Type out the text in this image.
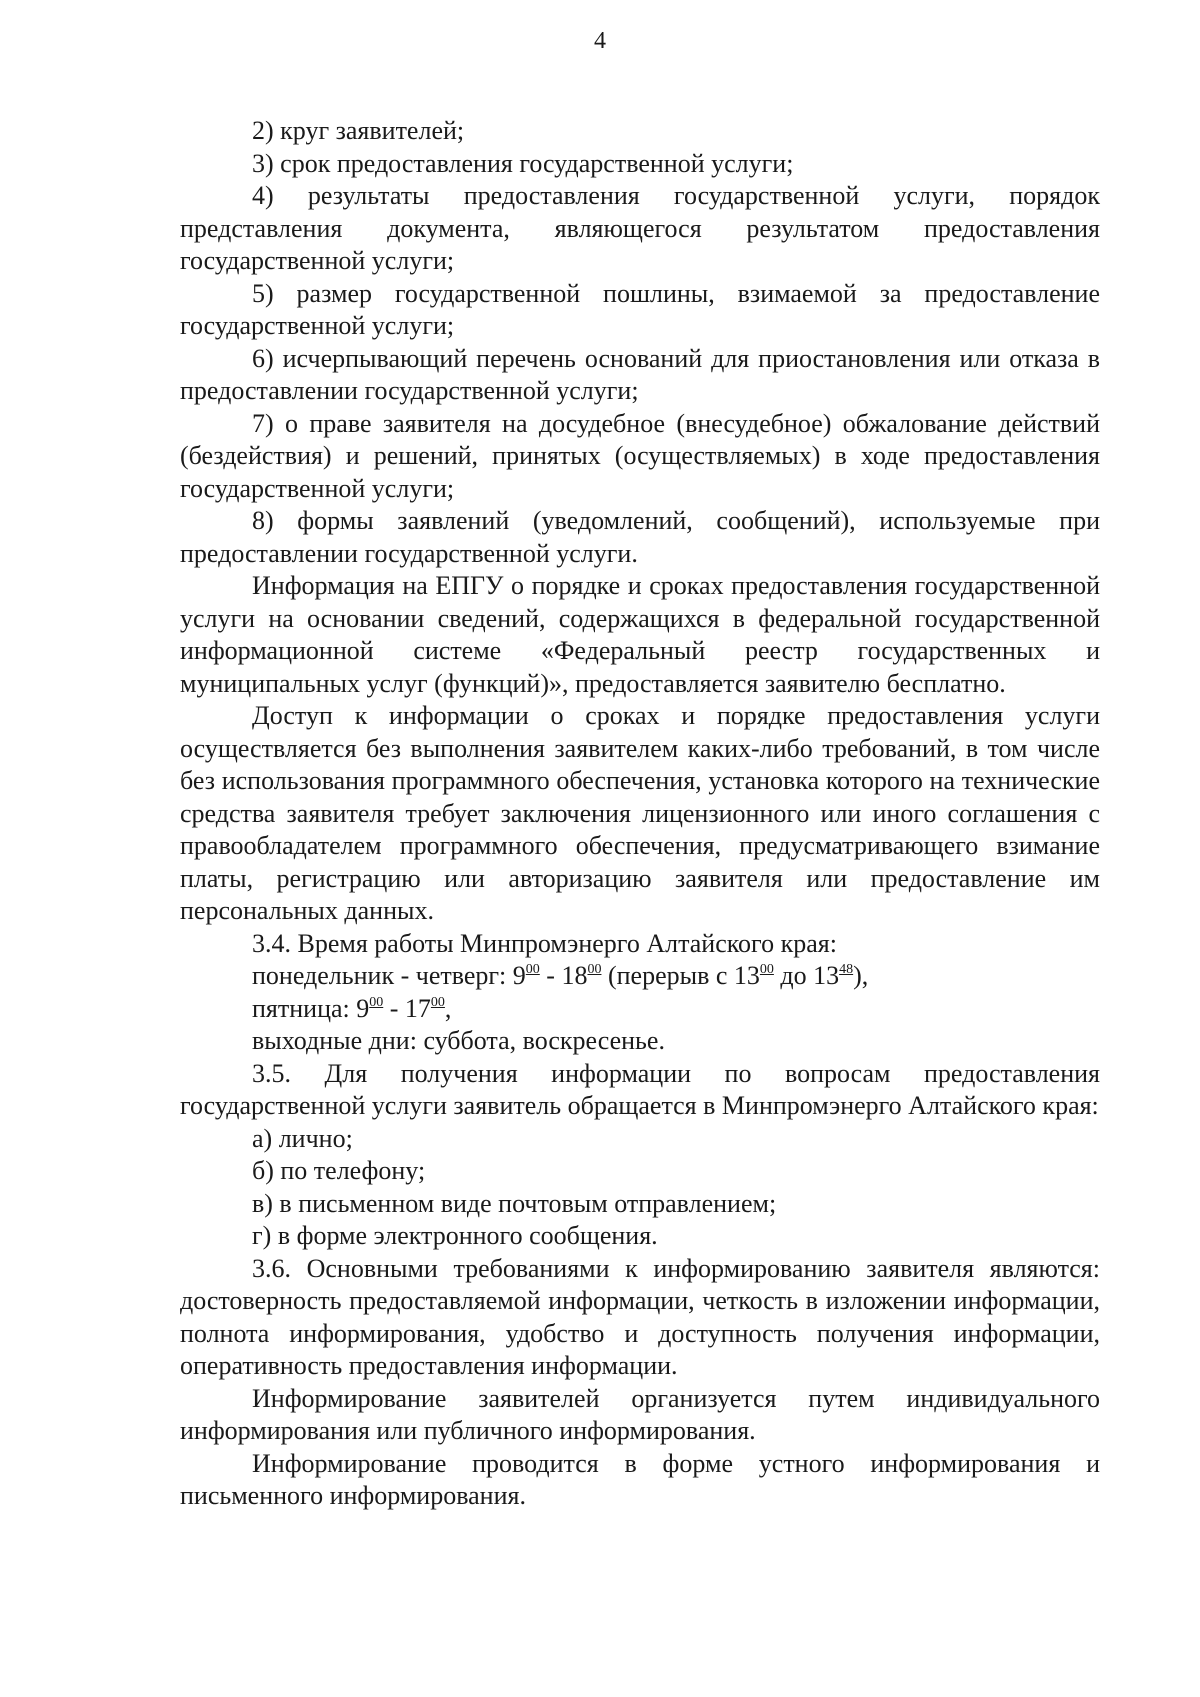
4

2) круг заявителей;

3) срок предоставления государственной услуги;

4) результаты предоставления государственной услуги, порядок представления документа, являющегося результатом предоставления государственной услуги;

5) размер государственной пошлины, взимаемой за предоставление государственной услуги;

6) исчерпывающий перечень оснований для приостановления или отказа в предоставлении государственной услуги;

7) о праве заявителя на досудебное (внесудебное) обжалование действий (бездействия) и решений, принятых (осуществляемых) в ходе предоставления государственной услуги;

8) формы заявлений (уведомлений, сообщений), используемые при предоставлении государственной услуги.

Информация на ЕПГУ о порядке и сроках предоставления государственной услуги на основании сведений, содержащихся в федеральной государственной информационной системе «Федеральный реестр государственных и муниципальных услуг (функций)», предоставляется заявителю бесплатно.

Доступ к информации о сроках и порядке предоставления услуги осуществляется без выполнения заявителем каких-либо требований, в том числе без использования программного обеспечения, установка которого на технические средства заявителя требует заключения лицензионного или иного соглашения с правообладателем программного обеспечения, предусматривающего взимание платы, регистрацию или авторизацию заявителя или предоставление им персональных данных.

3.4. Время работы Минпромэнерго Алтайского края:

понедельник - четверг: $9^{00} - 18^{00}$ (перерыв с $13^{00}$ до $13^{48}$),

пятница: $9^{00} - 17^{00}$,

выходные дни: суббота, воскресенье.

3.5. Для получения информации по вопросам предоставления государственной услуги заявитель обращается в Минпромэнерго Алтайского края:

а) лично;

б) по телефону;

в) в письменном виде почтовым отправлением;

г) в форме электронного сообщения.

3.6. Основными требованиями к информированию заявителя являются: достоверность предоставляемой информации, четкость в изложении информации, полнота информирования, удобство и доступность получения информации, оперативность предоставления информации.

Информирование заявителей организуется путем индивидуального информирования или публичного информирования.

Информирование проводится в форме устного информирования и письменного информирования.
